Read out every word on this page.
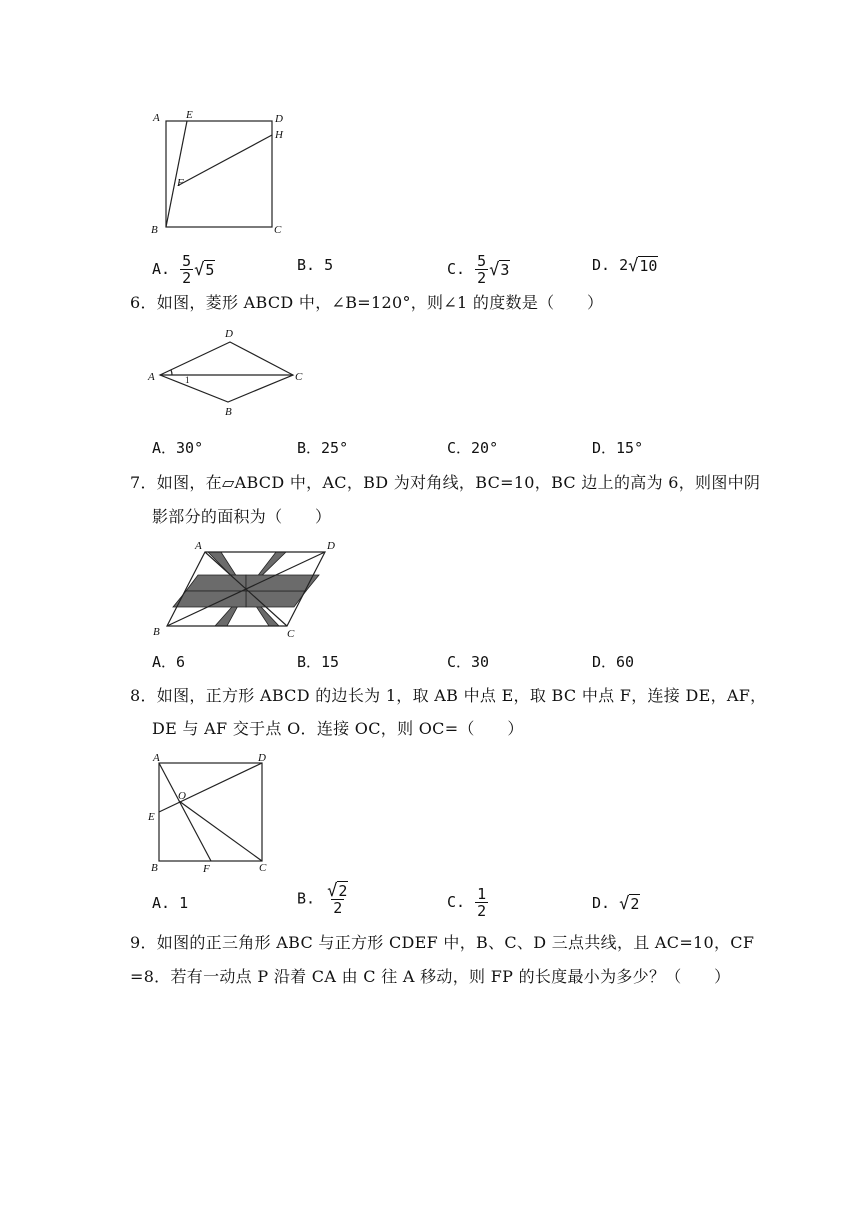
A E	D
H
F
B	C
A. $\frac{5}{2} √5$	B. 5	C. $\frac{5}{2} √3$	D. 2√10
6．如图，菱形 ABCD 中，∠B=120°，则∠1 的度数是（　　）
D
A	1	C
B
A．30°	B．25°	C．20°	D．15°
7．如图，在▱ABCD 中，AC，BD 为对角线，BC=10，BC 边上的高为 6，则图中阴
影部分的面积为（　　）
A	D
B	C
A．6	B．15	C．30	D．60
8．如图，正方形 ABCD 的边长为 1，取 AB 中点 E，取 BC 中点 F，连接 DE，AF，
DE 与 AF 交于点 O．连接 OC，则 OC=（　　）
A	D
O
E
B	F	C
A. 1	B. $\frac{√2}{2}$	C. $\frac{1}{2}$	D. √2
9．如图的正三角形 ABC 与正方形 CDEF 中，B、C、D 三点共线，且 AC=10，CF
=8．若有一动点 P 沿着 CA 由 C 往 A 移动，则 FP 的长度最小为多少？（　　）
